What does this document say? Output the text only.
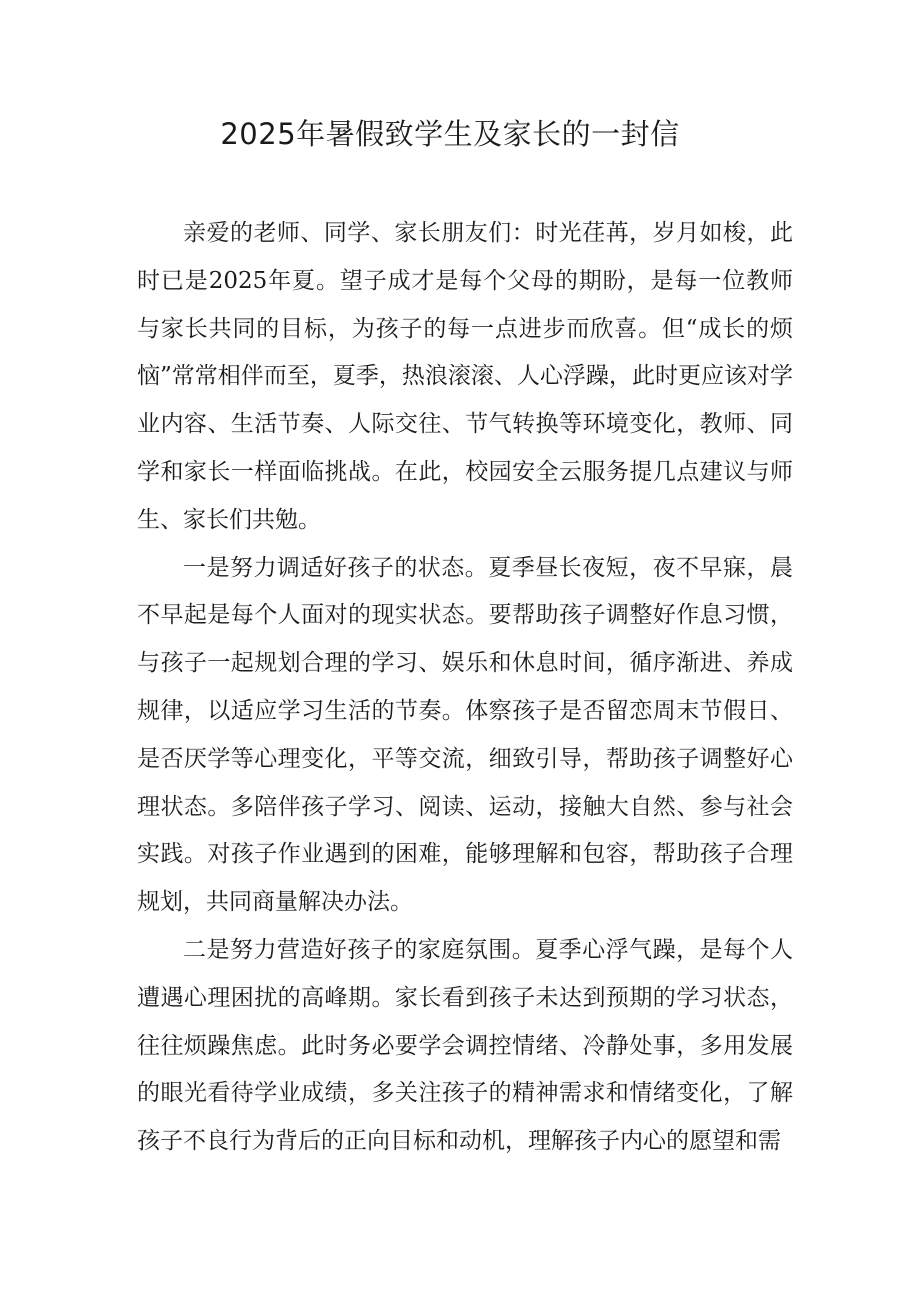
2025年暑假致学生及家长的一封信

亲爱的老师、同学、家长朋友们：时光荏苒，岁月如梭，此时已是2025年夏。望子成才是每个父母的期盼，是每一位教师与家长共同的目标，为孩子的每一点进步而欣喜。但“成长的烦恼”常常相伴而至，夏季，热浪滚滚、人心浮躁，此时更应该对学业内容、生活节奏、人际交往、节气转换等环境变化，教师、同学和家长一样面临挑战。在此，校园安全云服务提几点建议与师生、家长们共勉。

一是努力调适好孩子的状态。夏季昼长夜短，夜不早寐，晨不早起是每个人面对的现实状态。要帮助孩子调整好作息习惯，与孩子一起规划合理的学习、娱乐和休息时间，循序渐进、养成规律，以适应学习生活的节奏。体察孩子是否留恋周末节假日、是否厌学等心理变化，平等交流，细致引导，帮助孩子调整好心理状态。多陪伴孩子学习、阅读、运动，接触大自然、参与社会实践。对孩子作业遇到的困难，能够理解和包容，帮助孩子合理规划，共同商量解决办法。

二是努力营造好孩子的家庭氛围。夏季心浮气躁，是每个人遭遇心理困扰的高峰期。家长看到孩子未达到预期的学习状态，往往烦躁焦虑。此时务必要学会调控情绪、冷静处事，多用发展的眼光看待学业成绩，多关注孩子的精神需求和情绪变化，了解孩子不良行为背后的正向目标和动机，理解孩子内心的愿望和需
